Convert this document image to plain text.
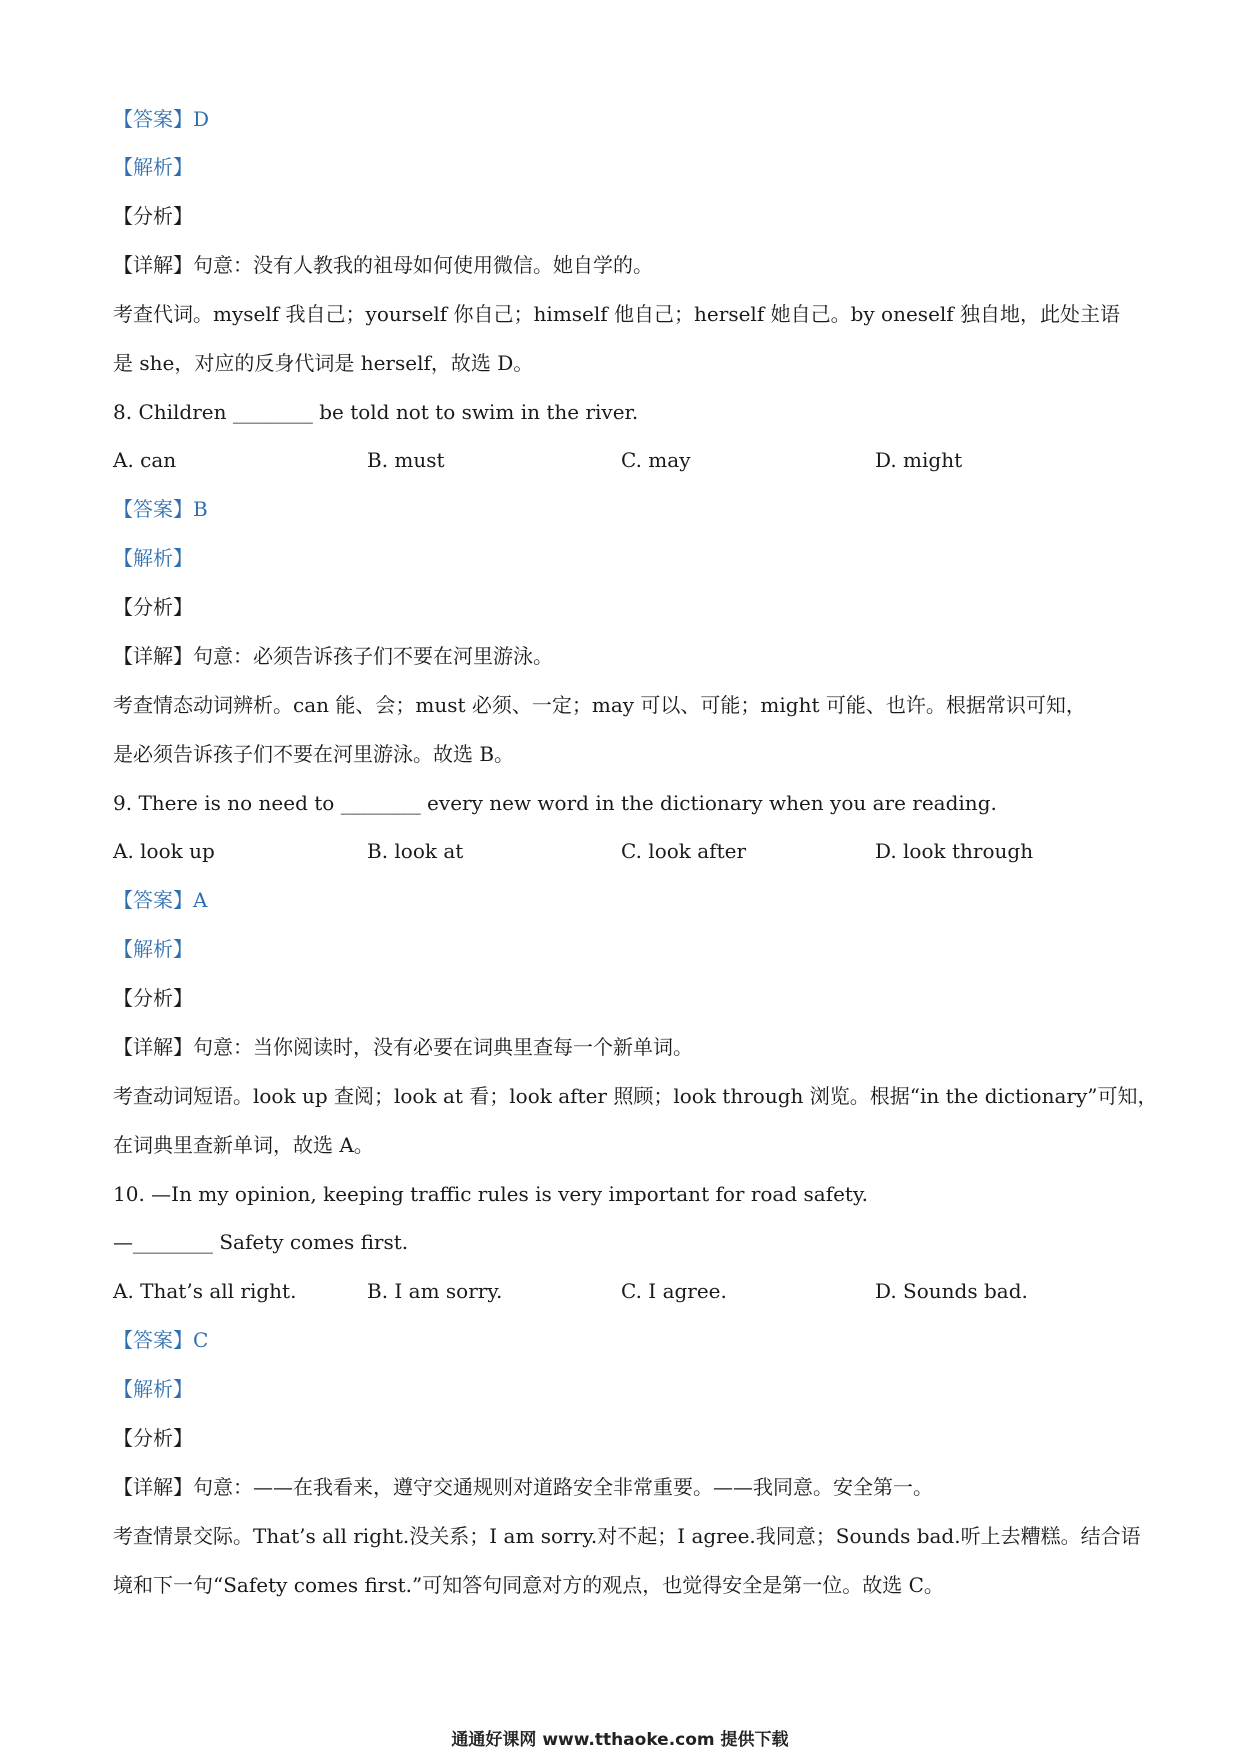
【答案】D
【解析】
【分析】
【详解】句意：没有人教我的祖母如何使用微信。她自学的。
考查代词。myself 我自己；yourself 你自己；himself 他自己；herself 她自己。by oneself 独自地，此处主语
是 she，对应的反身代词是 herself，故选 D。
8. Children ________ be told not to swim in the river.
A. can	B. must	C. may	D. might
【答案】B
【解析】
【分析】
【详解】句意：必须告诉孩子们不要在河里游泳。
考查情态动词辨析。can 能、会；must 必须、一定；may 可以、可能；might 可能、也许。根据常识可知，
是必须告诉孩子们不要在河里游泳。故选 B。
9. There is no need to ________ every new word in the dictionary when you are reading.
A. look up	B. look at	C. look after	D. look through
【答案】A
【解析】
【分析】
【详解】句意：当你阅读时，没有必要在词典里查每一个新单词。
考查动词短语。look up 查阅；look at 看；look after 照顾；look through 浏览。根据“in the dictionary”可知，
在词典里查新单词，故选 A。
10. —In my opinion, keeping traffic rules is very important for road safety.
—________ Safety comes first.
A. That’s all right.	B. I am sorry.	C. I agree.	D. Sounds bad.
【答案】C
【解析】
【分析】
【详解】句意：——在我看来，遵守交通规则对道路安全非常重要。——我同意。安全第一。
考查情景交际。That’s all right.没关系；I am sorry.对不起；I agree.我同意；Sounds bad.听上去糟糕。结合语
境和下一句“Safety comes first.”可知答句同意对方的观点，也觉得安全是第一位。故选 C。
通通好课网 www.tthaoke.com 提供下载
